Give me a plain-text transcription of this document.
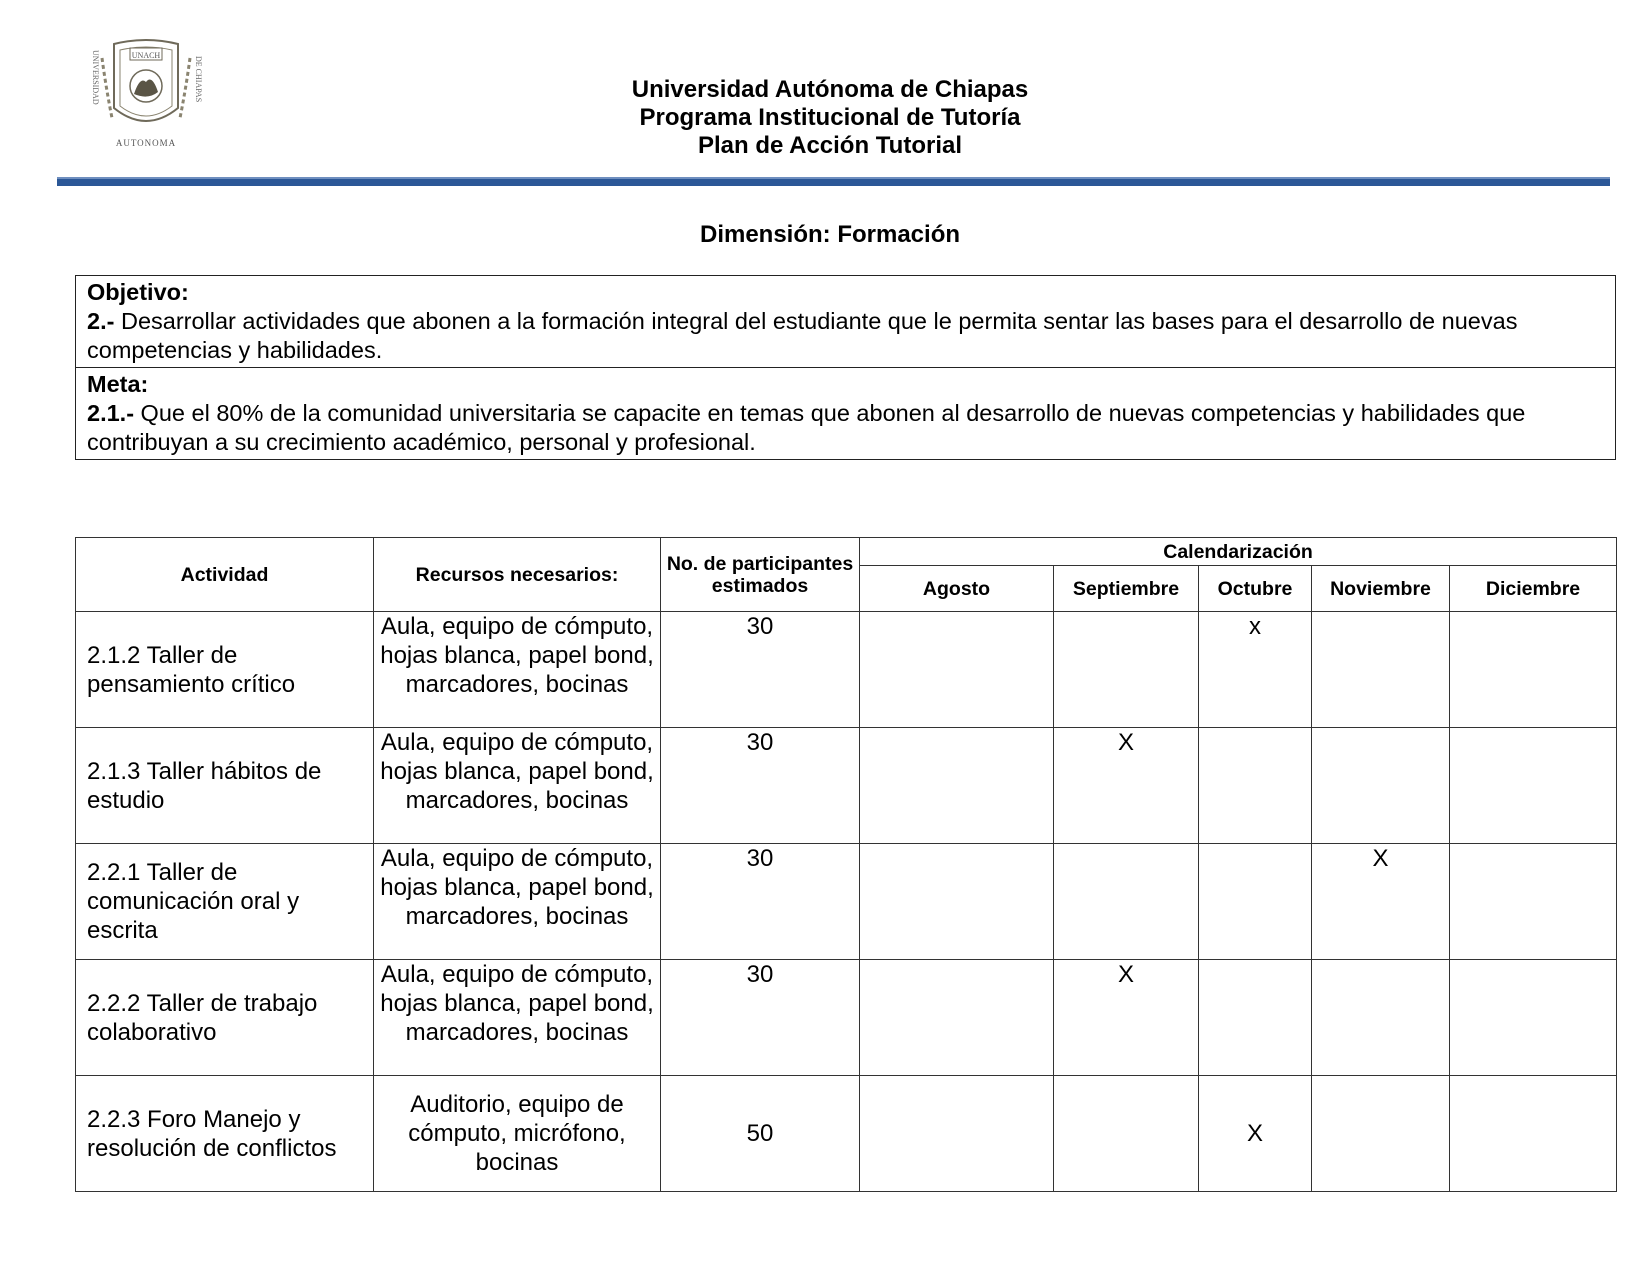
UNIVERSIDAD	DE CHIAPAS
AUTONOMA
UNACH
Universidad Autónoma de Chiapas
Programa Institucional de Tutoría
Plan de Acción Tutorial
Dimensión: Formación
Objetivo:
2.- Desarrollar actividades que abonen a la formación integral del estudiante que le permita sentar las bases para el desarrollo de nuevas competencias y habilidades.
Meta:
2.1.- Que el 80% de la comunidad universitaria se capacite en temas que abonen al desarrollo de nuevas competencias y habilidades que contribuyan a su crecimiento académico, personal y profesional.
Actividad	Recursos necesarios:	No. de participantes estimados	Calendarización				
			Agosto	Septiembre	Octubre	Noviembre	Diciembre
2.1.2 Taller de pensamiento crítico	Aula, equipo de cómputo, hojas blanca, papel bond, marcadores, bocinas	30			x		
2.1.3 Taller hábitos de estudio	Aula, equipo de cómputo, hojas blanca, papel bond, marcadores, bocinas	30		X			
2.2.1 Taller de comunicación oral y escrita	Aula, equipo de cómputo, hojas blanca, papel bond, marcadores, bocinas	30				X	
2.2.2 Taller de trabajo colaborativo	Aula, equipo de cómputo, hojas blanca, papel bond, marcadores, bocinas	30		X			
2.2.3 Foro Manejo y resolución de conflictos	Auditorio, equipo de cómputo, micrófono, bocinas	50			X		
